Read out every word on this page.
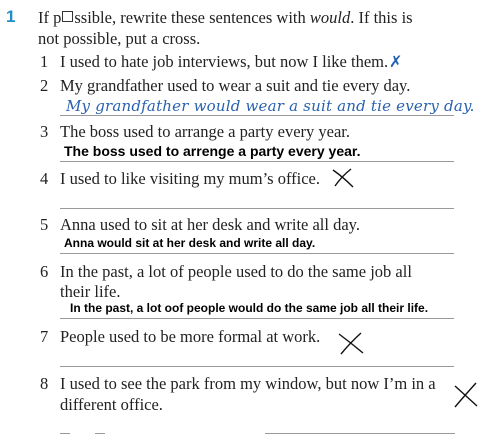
1 If p ssible, rewrite these sentences with would. If this is
not possible, put a cross.
1 I used to hate job interviews, but now I like them. ✗
2 My grandfather used to wear a suit and tie every day.
My grandfather would wear a suit and tie every day.
3 The boss used to arrange a party every year.
The boss used to arrenge a party every year.
4 I used to like visiting my mum’s office.
5 Anna used to sit at her desk and write all day.
Anna would sit at her desk and write all day.
6 In the past, a lot of people used to do the same job all
their life.
In the past, a lot oof people would do the same job all their life.
7 People used to be more formal at work.
8 I used to see the park from my window, but now I’m in a
different office.
